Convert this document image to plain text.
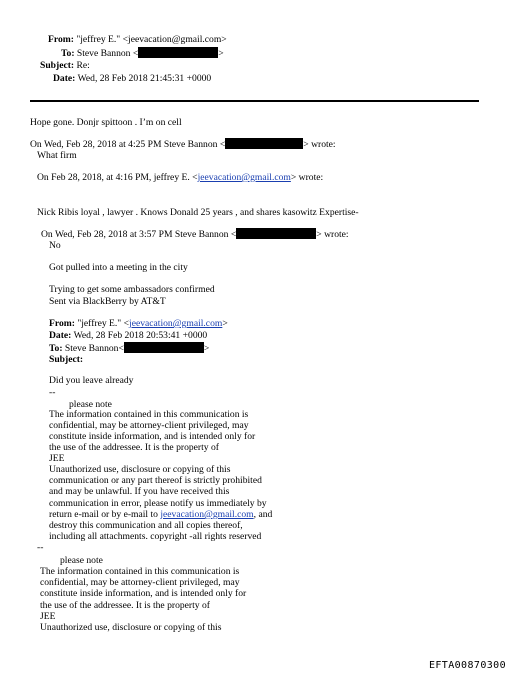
From: "jeffrey E." <jeevacation@gmail.com>
To: Steve Bannon <	>
Subject: Re:
Date: Wed, 28 Feb 2018 21:45:31 +0000
Hope gone. Donjr spittoon . I’m on cell
On Wed, Feb 28, 2018 at 4:25 PM Steve Bannon <	> wrote:
What firm
On Feb 28, 2018, at 4:16 PM, jeffrey E. <jeevacation@gmail.com> wrote:
Nick Ribis loyal , lawyer . Knows Donald 25 years , and shares kasowitz Expertise-
On Wed, Feb 28, 2018 at 3:57 PM Steve Bannon <	> wrote:
No
Got pulled into a meeting in the city
Trying to get some ambassadors confirmed
Sent via BlackBerry by AT&T
From: "jeffrey E." <jeevacation@gmail.com>
Date: Wed, 28 Feb 2018 20:53:41 +0000
To: Steve Bannon<	>
Subject:
Did you leave already
--
please note
The information contained in this communication is
confidential, may be attorney-client privileged, may
constitute inside information, and is intended only for
the use of the addressee. It is the property of
JEE
Unauthorized use, disclosure or copying of this
communication or any part thereof is strictly prohibited
and may be unlawful. If you have received this
communication in error, please notify us immediately by
return e-mail or by e-mail to jeevacation@gmail.com, and
destroy this communication and all copies thereof,
including all attachments. copyright -all rights reserved
--
please note
The information contained in this communication is
confidential, may be attorney-client privileged, may
constitute inside information, and is intended only for
the use of the addressee. It is the property of
JEE
Unauthorized use, disclosure or copying of this
EFTA00870300
